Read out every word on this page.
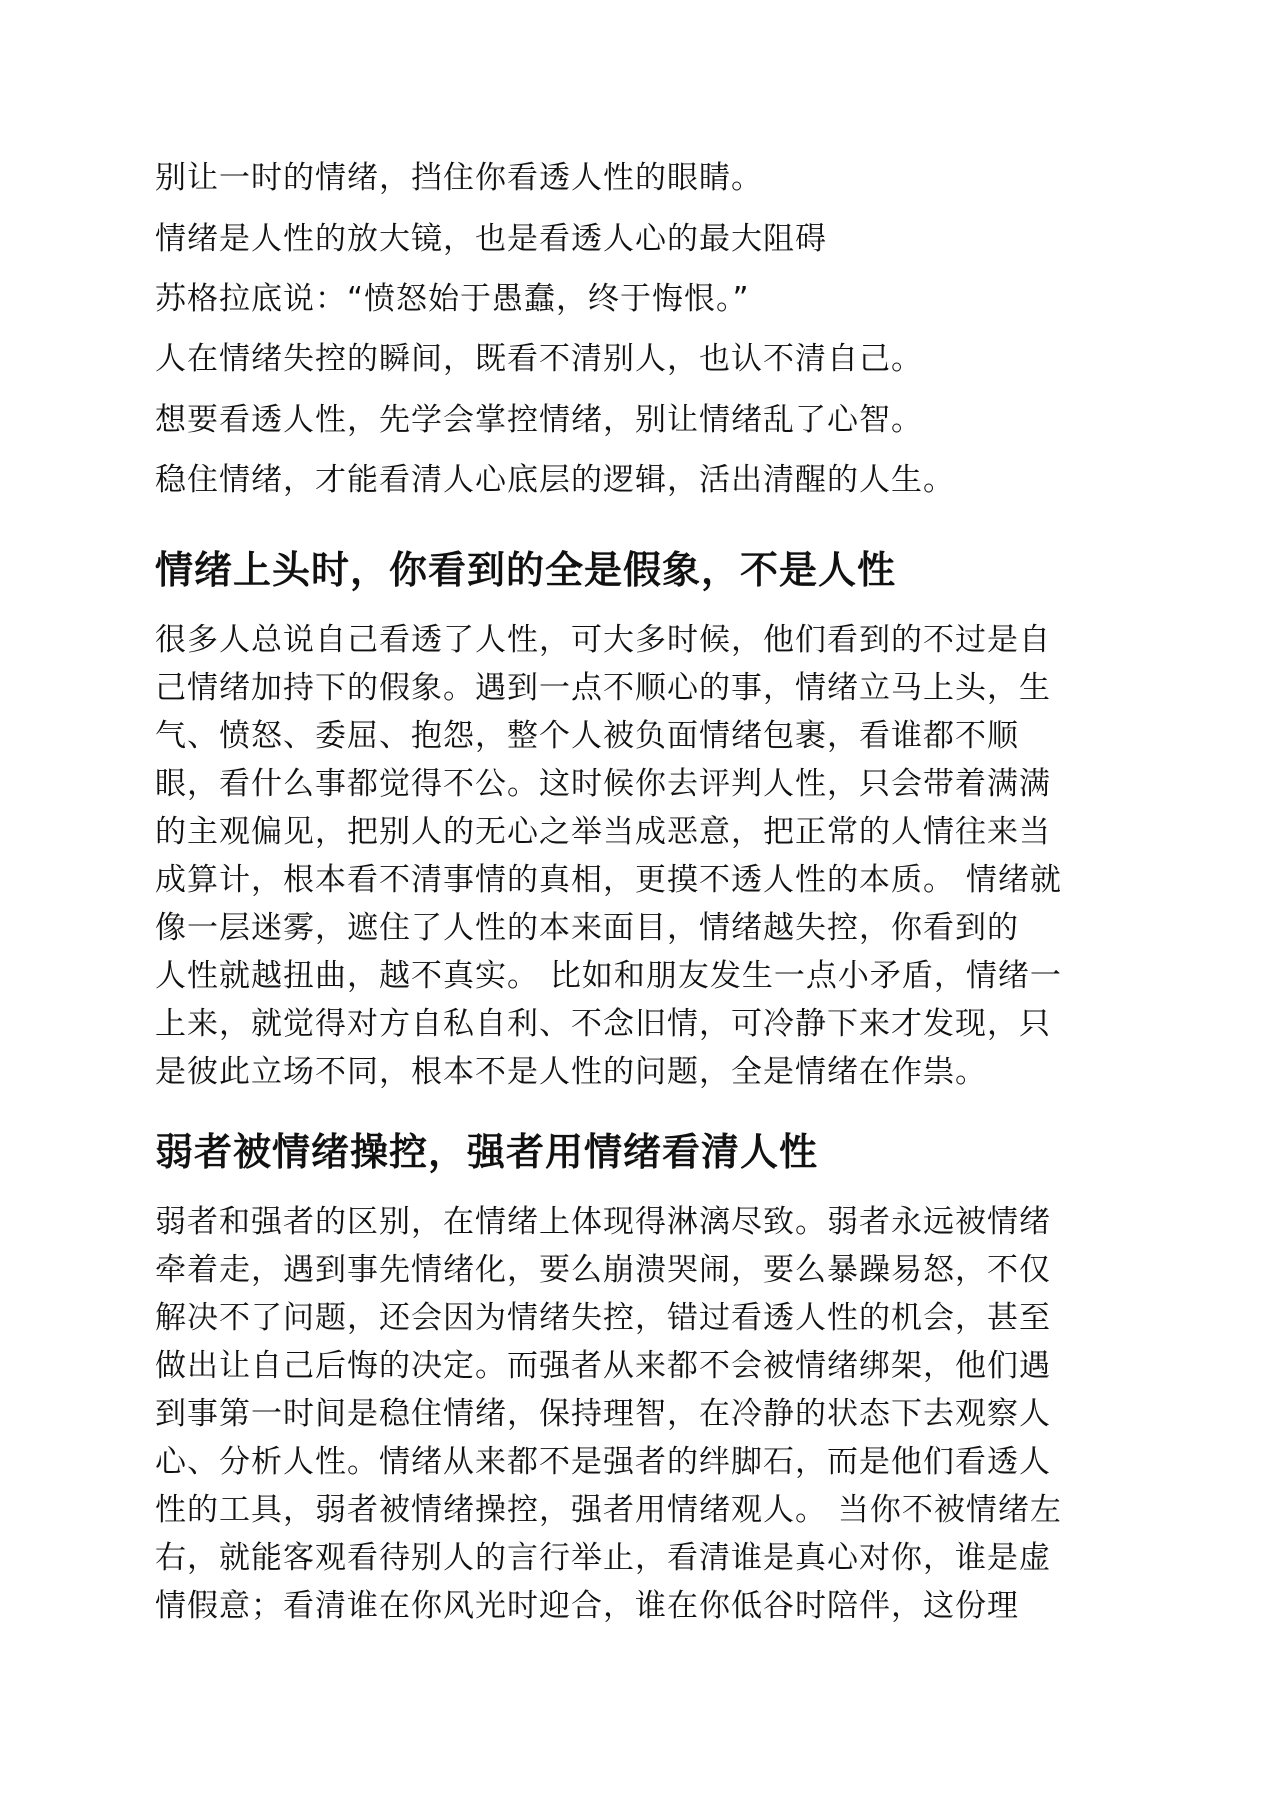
别让一时的情绪，挡住你看透人性的眼睛。

情绪是人性的放大镜，也是看透人心的最大阻碍

苏格拉底说：“愤怒始于愚蠢，终于悔恨。”

人在情绪失控的瞬间，既看不清别人，也认不清自己。

想要看透人性，先学会掌控情绪，别让情绪乱了心智。

稳住情绪，才能看清人心底层的逻辑，活出清醒的人生。

情绪上头时，你看到的全是假象，不是人性

很多人总说自己看透了人性，可大多时候，他们看到的不过是自

己情绪加持下的假象。遇到一点不顺心的事，情绪立马上头，生

气、愤怒、委屈、抱怨，整个人被负面情绪包裹，看谁都不顺

眼，看什么事都觉得不公。这时候你去评判人性，只会带着满满

的主观偏见，把别人的无心之举当成恶意，把正常的人情往来当

成算计，根本看不清事情的真相，更摸不透人性的本质。 情绪就

像一层迷雾，遮住了人性的本来面目，情绪越失控，你看到的

人性就越扭曲，越不真实。 比如和朋友发生一点小矛盾，情绪一

上来，就觉得对方自私自利、不念旧情，可冷静下来才发现，只

是彼此立场不同，根本不是人性的问题，全是情绪在作祟。

弱者被情绪操控，强者用情绪看清人性

弱者和强者的区别，在情绪上体现得淋漓尽致。弱者永远被情绪

牵着走，遇到事先情绪化，要么崩溃哭闹，要么暴躁易怒，不仅

解决不了问题，还会因为情绪失控，错过看透人性的机会，甚至

做出让自己后悔的决定。而强者从来都不会被情绪绑架，他们遇

到事第一时间是稳住情绪，保持理智，在冷静的状态下去观察人

心、分析人性。情绪从来都不是强者的绊脚石，而是他们看透人

性的工具，弱者被情绪操控，强者用情绪观人。 当你不被情绪左

右，就能客观看待别人的言行举止，看清谁是真心对你，谁是虚

情假意；看清谁在你风光时迎合，谁在你低谷时陪伴，这份理
